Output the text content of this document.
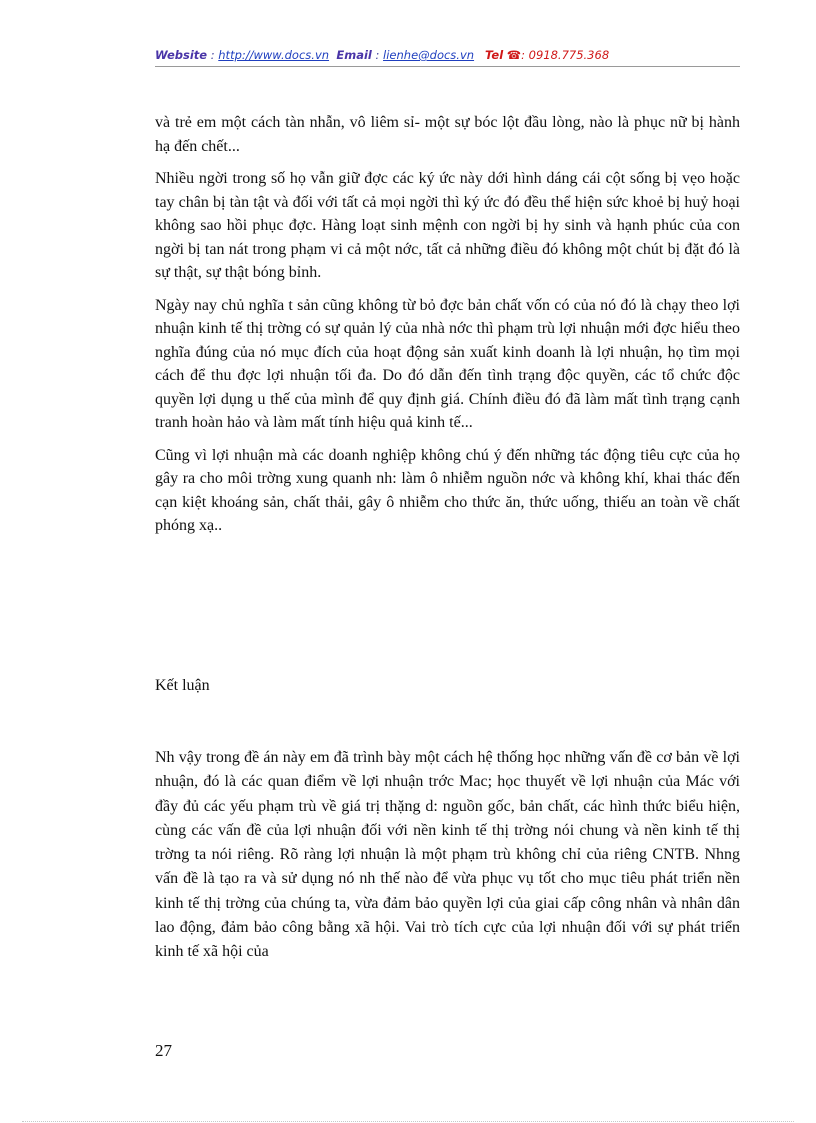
Website : http://www.docs.vn Email : lienhe@docs.vn Tel ☎: 0918.775.368

và trẻ em một cách tàn nhẫn, vô liêm sỉ- một sự bóc lột đầu lòng, nào là phục nữ bị hành hạ đến chết...

Nhiều ngời trong số họ vẫn giữ đợc các ký ức này dới hình dáng cái cột sống bị vẹo hoặc tay chân bị tàn tật và đối với tất cả mọi ngời thì ký ức đó đều thể hiện sức khoẻ bị huỷ hoại không sao hồi phục đợc. Hàng loạt sinh mệnh con ngời bị hy sinh và hạnh phúc của con ngời bị tan nát trong phạm vi cả một nớc, tất cả những điều đó không một chút bị đặt đó là sự thật, sự thật bóng bỉnh.

Ngày nay chủ nghĩa t sản cũng không từ bỏ đợc bản chất vốn có của nó đó là chạy theo lợi nhuận kinh tế thị trờng có sự quản lý của nhà nớc thì phạm trù lợi nhuận mới đợc hiểu theo nghĩa đúng của nó mục đích của hoạt động sản xuất kinh doanh là lợi nhuận, họ tìm mọi cách để thu đợc lợi nhuận tối đa. Do đó dẫn đến tình trạng độc quyền, các tổ chức độc quyền lợi dụng u thế của mình để quy định giá. Chính điều đó đã làm mất tình trạng cạnh tranh hoàn hảo và làm mất tính hiệu quả kinh tế...

Cũng vì lợi nhuận mà các doanh nghiệp không chú ý đến những tác động tiêu cực của họ gây ra cho môi trờng xung quanh nh: làm ô nhiễm nguồn nớc và không khí, khai thác đến cạn kiệt khoáng sản, chất thải, gây ô nhiễm cho thức ăn, thức uống, thiếu an toàn về chất phóng xạ..

Kết luận

Nh vậy trong đề án này em đã trình bày một cách hệ thống học những vấn đề cơ bản về lợi nhuận, đó là các quan điểm về lợi nhuận trớc Mac; học thuyết về lợi nhuận của Mác với đầy đủ các yếu phạm trù về giá trị thặng d: nguồn gốc, bản chất, các hình thức biểu hiện, cùng các vấn đề của lợi nhuận đối với nền kinh tế thị trờng nói chung và nền kinh tế thị trờng ta nói riêng. Rõ ràng lợi nhuận là một phạm trù không chỉ của riêng CNTB. Nhng vấn đề là tạo ra và sử dụng nó nh thế nào để vừa phục vụ tốt cho mục tiêu phát triển nền kinh tế thị trờng của chúng ta, vừa đảm bảo quyền lợi của giai cấp công nhân và nhân dân lao động, đảm bảo công bằng xã hội. Vai trò tích cực của lợi nhuận đối với sự phát triển kinh tế xã hội của

27
